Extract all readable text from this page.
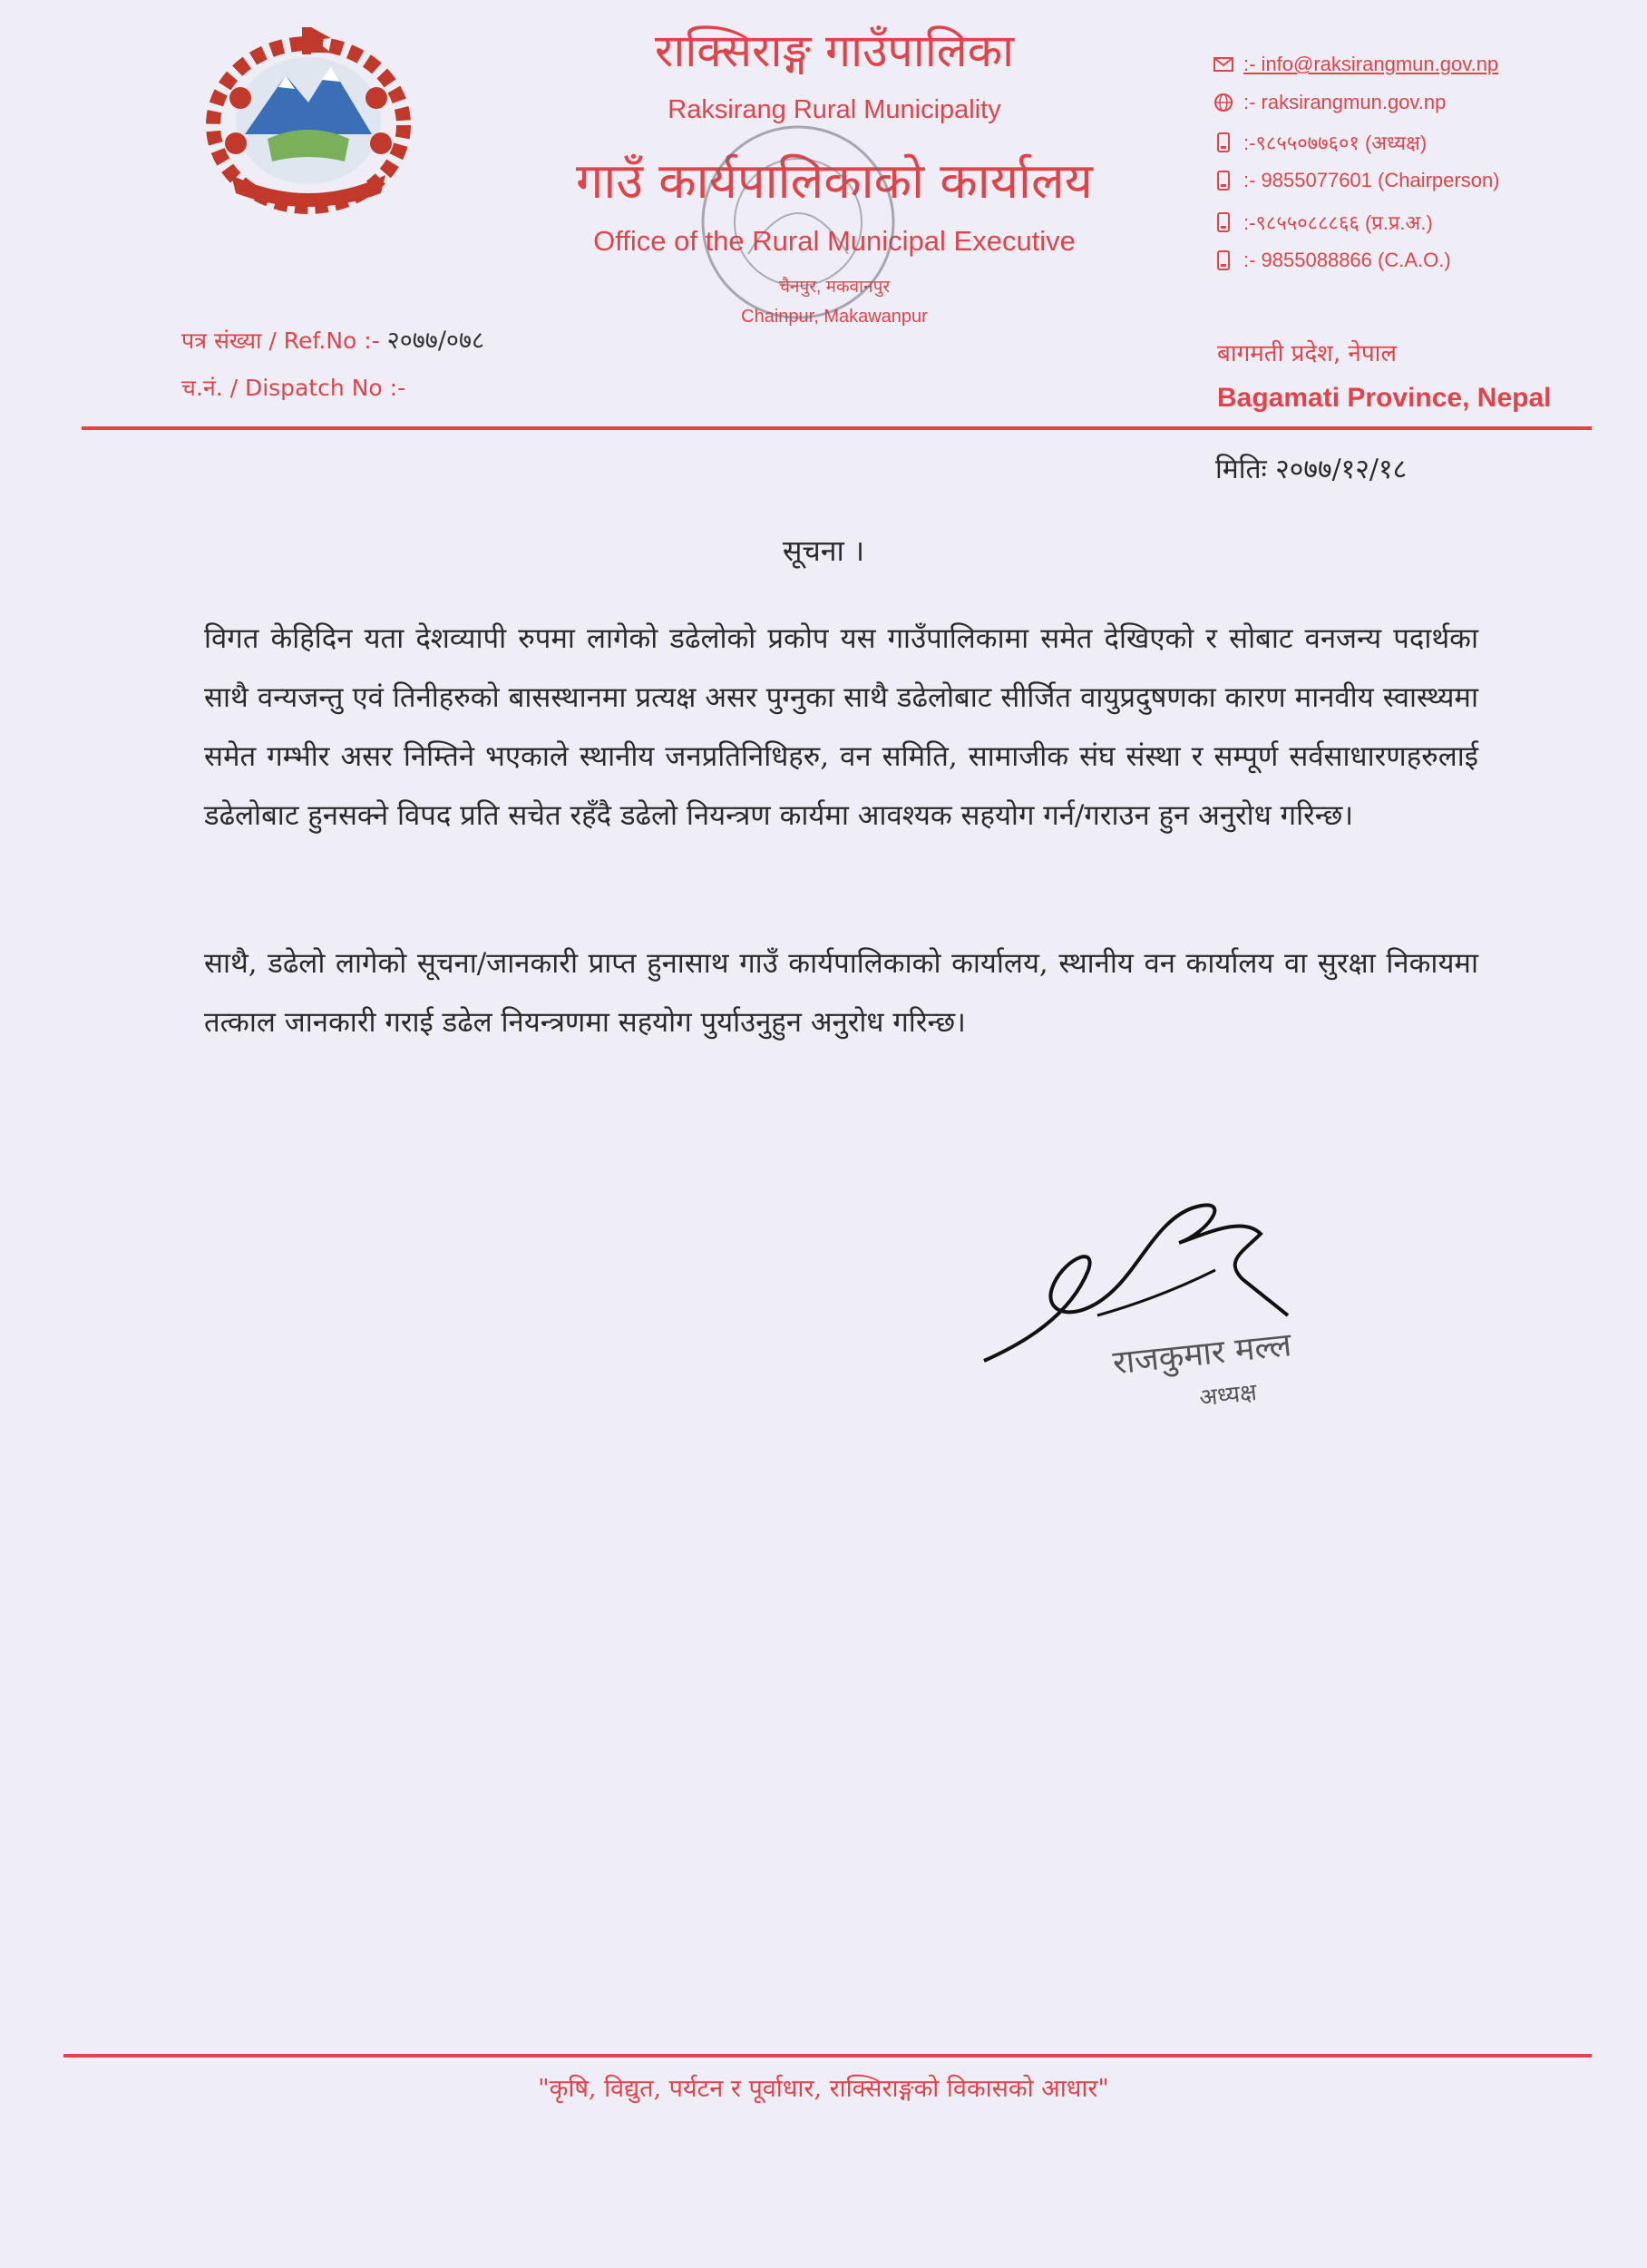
राक्सिराङ्ग गाउँपालिका
Raksirang Rural Municipality
गाउँ कार्यपालिकाको कार्यालय
Office of the Rural Municipal Executive
चैनपुर, मकवानपुर
Chainpur, Makawanpur
:- info@raksirangmun.gov.np
:- raksirangmun.gov.np
:-९८५५०७७६०१ (अध्यक्ष)
:- 9855077601 (Chairperson)
:-९८५५०८८८६६ (प्र.प्र.अ.)
:- 9855088866 (C.A.O.)
पत्र संख्या / Ref.No :- २०७७/०७८
च.नं. / Dispatch No :-
बागमती प्रदेश, नेपाल
Bagamati Province, Nepal
मितिः २०७७/१२/१८
सूचना ।
विगत केहिदिन यता देशव्यापी रुपमा लागेको डढेलोको प्रकोप यस गाउँपालिकामा समेत देखिएको र सोबाट वनजन्य पदार्थका साथै वन्यजन्तु एवं तिनीहरुको बासस्थानमा प्रत्यक्ष असर पुग्नुका साथै डढेलोबाट सीर्जित वायुप्रदुषणका कारण मानवीय स्वास्थ्यमा समेत गम्भीर असर निम्तिने भएकाले स्थानीय जनप्रतिनिधिहरु, वन समिति, सामाजीक संघ संस्था र सम्पूर्ण सर्वसाधारणहरुलाई डढेलोबाट हुनसक्ने विपद प्रति सचेत रहँदै डढेलो नियन्त्रण कार्यमा आवश्यक सहयोग गर्न/गराउन हुन अनुरोध गरिन्छ।
साथै, डढेलो लागेको सूचना/जानकारी प्राप्त हुनासाथ गाउँ कार्यपालिकाको कार्यालय, स्थानीय वन कार्यालय वा सुरक्षा निकायमा तत्काल जानकारी गराई डढेल नियन्त्रणमा सहयोग पुर्याउनुहुन अनुरोध गरिन्छ।
राजकुमार मल्ल
अध्यक्ष
"कृषि, विद्युत, पर्यटन र पूर्वाधार, राक्सिराङ्गको विकासको आधार"
